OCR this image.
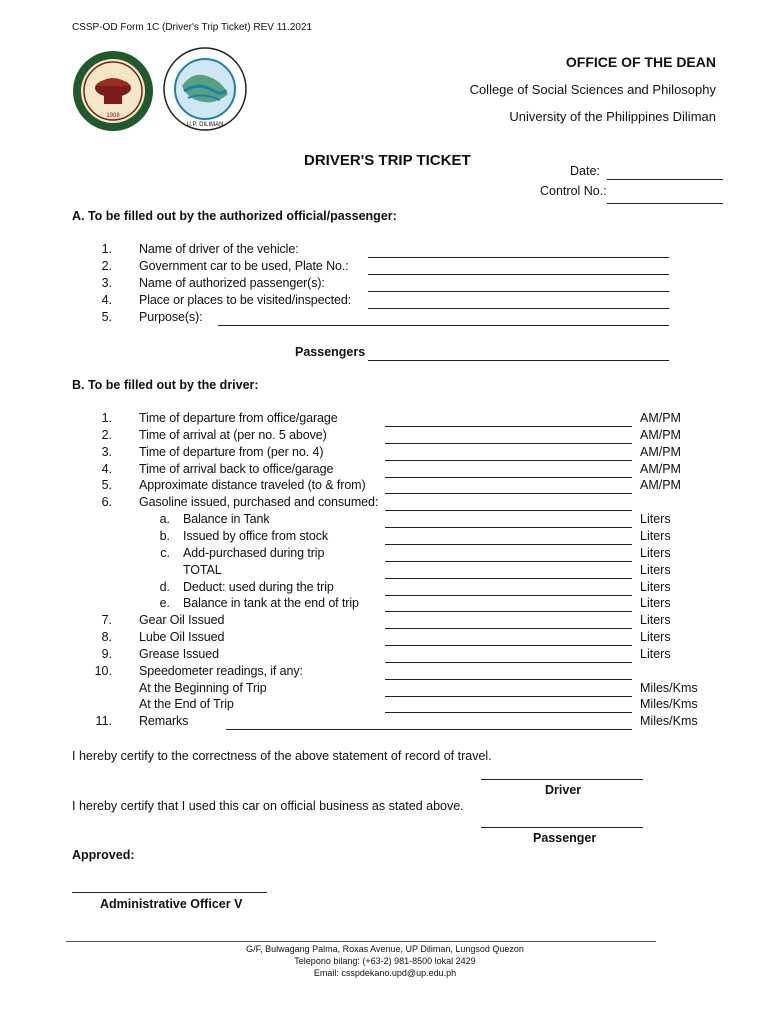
CSSP-OD Form 1C (Driver's Trip Ticket) REV 11.2021
1908
U.P. DILIMAN
OFFICE OF THE DEAN
College of Social Sciences and Philosophy
University of the Philippines Diliman
DRIVER'S TRIP TICKET
Date:
Control No.:
A. To be filled out by the authorized official/passenger:
1. Name of driver of the vehicle:
2. Government car to be used, Plate No.:
3. Name of authorized passenger(s):
4. Place or places to be visited/inspected:
5. Purpose(s):
Passengers
B. To be filled out by the driver:
1. Time of departure from office/garage	AM/PM
2. Time of arrival at (per no. 5 above)	AM/PM
3. Time of departure from (per no. 4)	AM/PM
4. Time of arrival back to office/garage	AM/PM
5. Approximate distance traveled (to & from)	AM/PM
6. Gasoline issued, purchased and consumed:
a. Balance in Tank	Liters
b. Issued by office from stock	Liters
c. Add-purchased during trip	Liters
TOTAL	Liters
d. Deduct: used during the trip	Liters
e. Balance in tank at the end of trip	Liters
7. Gear Oil Issued	Liters
8. Lube Oil Issued	Liters
9. Grease Issued	Liters
10. Speedometer readings, if any:
At the Beginning of Trip	Miles/Kms
At the End of Trip	Miles/Kms
11. Remarks	Miles/Kms
I hereby certify to the correctness of the above statement of record of travel.
Driver
I hereby certify that I used this car on official business as stated above.
Passenger
Approved:
Administrative Officer V
G/F, Bulwagang Palma, Roxas Avenue, UP Diliman, Lungsod Quezon
Telepono bilang: (+63-2) 981-8500 lokal 2429
Email: csspdekano.upd@up.edu.ph
